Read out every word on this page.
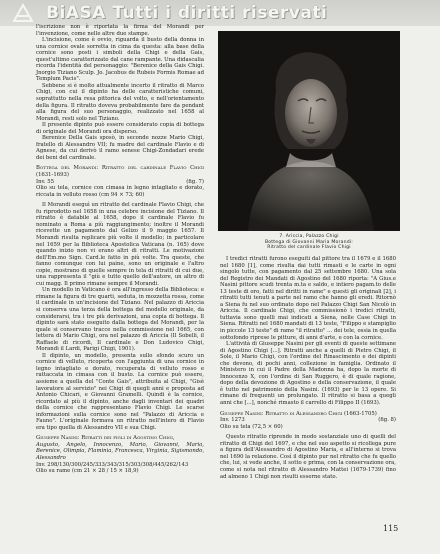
BiASA Tutti i diritti riservati

l'iscrizione non è riportata la firma del Morandi per l'invenzione, come nelle altre due stampe.

L'incisione, come è ovvio, riguarda il busto della donna in una cornice ovale sorretta in cima da questa: alla base della cornice sono posti i simboli della Chigi e della Gais, quest'ultimo caratterizzato dal cane rampante. Una didascalia ricorda l'identità del personaggio: "Berenice della Gais Chigi. Jnorgio Tiziano Sculp. Jo. Jacobus de Rubeis Formis Romae ad Templum Pacis".

Sebbene si è molto attualmente incerto il ritratto di Marco Chigi, con cui il dipinto ha delle caratteristiche comuni, soprattutto nella resa pittorica del volto, e nell'orientamento della figura. Il ritratto doveva probabilmente fare da pendant alla figura del suo personaggio, realizzato nel 1658 al Morandi, resti solo nel Tiziano.

Il presente dipinto può essere considerato copia di bottega di originale del Morandi ora disperso.

Berenice Della Gais sposò, in seconde nozze Mario Chigi, fratello di Alessandro VII; fu madre del cardinale Flavio e di Agnese, da cui derivò il ramo senese Chigi-Zondadari erede dei beni del cardinale.

Bottega del Morandi: Ritratto del cardinale Flavio Chigi (1631-1693)

Inv. 55	(fig. 7)

Olio su tela, cornice con cimasa in legno intagliato e dorato, riccata in velluto rosso (cm 94 × 73; 60)

Il Morandi eseguì un ritratto del cardinale Flavio Chigi, che fu riprodotto nel 1658 in una celebre incisione del Tiziano. Il ritratto è databile al 1658, dopo il cardinale Flavio fu nominato a Roma a più raggiungimento; inoltre il Morandi ricevette un pagamento dal Gelizo il 9 maggio 1657. Il Morandi risulta replicare più volte il modello; in particolare nel 1659 per la Biblioteca Apostolica Vaticana (n. 165) dove quando inizio non vi erano altri di ritratti. Le motivazioni dell'Em.mo Sign. Card.le fatto in più volte. Tra queste, che fanno comunque con lui paine, sono un originale e l'altro copie, mostrano di quelle sempre in tela di ritratti di cui due, una rappresenta il "giù e tutto quello dell'autore, un altro di cui magg. Il primo rimane sempre il Morandi.

Un modello in Vaticano è ora all'ingresso della Biblioteca: e rimane la figura di tre quarti, seduta, in mozzetta rossa, come il cardinale in un'incisione del Tiziano. Nel palazzo di Ariccia si conserva una terza della bottega del modello originale, da considerarsi, tra i tre più derivazioni, una copia di bottega. Il dipinto sarà stato eseguito dalla bottega del Morandi, per la quale si conservano tracce nella commissione nel 1665, con lettera di Mario Chigi, ora nel palazzo di Ariccia (Il Sobelli, il Raffaele di ricordi, Il cardinale e Don Ludovico Chigi, Morandi il Lardi, Parigi Chigi, 1901).

Il dipinto, un modello, presenta sullo sfondo scuro un cornice di velluto, ricoperta con l'aggiunta di una cornice in legno intagliato e dorato, recuperata di velluto rosso e rattaccata in cimasa con il busto. La cornice può essere, assieme a quella del "Conte Gais", attribuita al Chigi, "Gisè lavoratore al servizio" nei Chigi di quegli anni e proposta ad Antonio Chicari, e Giovanni Gramelli. Quindi è la cornice, ricordato al più il dipinto, anche dagli inventari dei quadri della cornice che rappresentano Flavio Chigi. Le scarse informazioni sulla cornice sono nel "Palazzo di Ariccia e Fauno". L'originale formava un ritratto nell'intero di Flavio era tipo quella di Alessandro VII e sua Chigi.

Giuseppe Nasini: Ritratti dei figli di Agostino Chigi,

Augusto, Angelo, Innocenzo, Mario, Giovanni, Maria, Berenice, Olimpia, Flaminia, Francesca, Virginia, Sigismondo, Alessandro

Inv. 298/130/300/245/333/343/315/303/308/445/262/143

Olio su rame (cm 21 × 28 / 15 × 18,9)

7. Ariccia, Palazzo Chigi
Bottega di Giovanni Maria Morandi:
Ritratto del cardinale Flavio Chigi

I tredici ritratti furono eseguiti dal pittore tra il 1679 e il 1680 nel 1680 [1], come risulta dai tutti rimasti e le carte in ogni singolo tutte, con pagamento dal 25 settembre 1680. Una sola del Registro dei Mandati di Agostino del 1680 riporta: "A Gius.e Nasini pittore scudi trenta m.ta e saldo, e intiero pagam.to delle 13 teste di oro, fatti nel diritti in rame" e questi gli originali [2], i ritratti tutti tenuti a parte nel ramo che hanno gli eredi. Ritornò a Siena fu nel suo ordinato dopo nel Palazzo Chigi San Nicolò in Ariccia. Il cardinale Chigi, che commissionò i tredici ritratti, tuttavia sono quelli mai indicati a Siena, nelle Case Chigi in Siena. Ritratti nel 1680 mandati di 13 teste, "Filippo e stampiglio in piccole 13 teste" di rame "il ritratto" ... dei tele, ossia in quella sottofondo riprese le pitture, di anni d'arte, e con la cornice.

L'attività di Giuseppe Nasini per gli eventi di queste settimane di Agostino Chigi [...]. Ritratti anche a quelli di Pietro Chigi, il Sole, il Mario Chigi, con l'ordine del Rinascimento e dei dipinti che devono, di pochi anni, collezione in famiglia. Ordinato il Ministero in cui il Padre della Madonna ha, dopo la morte di Innocenzo X, con l'ordine di San Ruggero, è di quale ragione, dopo della devozione di Agostino e della conservazione, il quale è tutto nel patrimonio della Nasini. (1693) per le 13 opere. Si rimane di frequenti un prolungato. Il ritratto si basa a quegli anni che [...], nonché rimasto il carrello di Filippo II (1693).

Giuseppe Nasini: Ritratto di Alessandro Chigi (1663-1705)

Inv. 1273	(fig. 8)

Olio su tela (72,5 × 60)

Questo ritratto riprende in modo sostanziale uno di quelli del ritratto di Chigi del 1697, e che nel suo aspetto si ricollega pure a figura dell'Alessandro di Agostino Maria, e all'interno si trova nel 1690 la relazione. Così il dipinto pur nel ritratto che fu quello che, lui, si vede anche, il sotto e prima, con la conservazione ora, come si nota nel ritratto di Alessandro Mattei (1679-1739) fino ad almeno 1 Chigi non risulti esserne stato.

115
